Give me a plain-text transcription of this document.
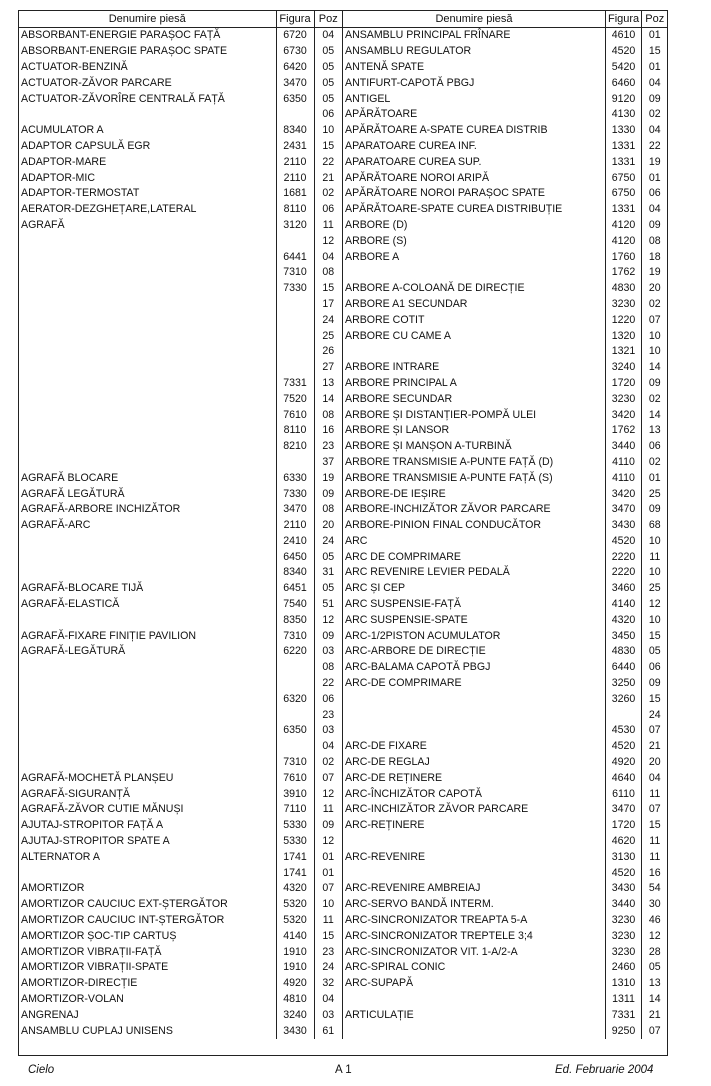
Denumire piesă	Figura	Poz
ABSORBANT-ENERGIE PARAȘOC FAȚĂ	6720	04
ABSORBANT-ENERGIE PARAȘOC SPATE	6730	05
ACTUATOR-BENZINĂ	6420	05
ACTUATOR-ZĂVOR PARCARE	3470	05
ACTUATOR-ZĂVORÎRE CENTRALĂ FAȚĂ	6350	05
		06
ACUMULATOR A	8340	10
ADAPTOR CAPSULĂ EGR	2431	15
ADAPTOR-MARE	2110	22
ADAPTOR-MIC	2110	21
ADAPTOR-TERMOSTAT	1681	02
AERATOR-DEZGHEȚARE,LATERAL	8110	06
AGRAFĂ	3120	11
		12
	6441	04
	7310	08
	7330	15
		17
		24
		25
		26
		27
	7331	13
	7520	14
	7610	08
	8110	16
	8210	23
		37
AGRAFĂ BLOCARE	6330	19
AGRAFĂ LEGĂTURĂ	7330	09
AGRAFĂ-ARBORE INCHIZĂTOR	3470	08
AGRAFĂ-ARC	2110	20
	2410	24
	6450	05
	8340	31
AGRAFĂ-BLOCARE TIJĂ	6451	05
AGRAFĂ-ELASTICĂ	7540	51
	8350	12
AGRAFĂ-FIXARE FINIȚIE PAVILION	7310	09
AGRAFĂ-LEGĂTURĂ	6220	03
		08
		22
	6320	06
		23
	6350	03
		04
	7310	02
AGRAFĂ-MOCHETĂ PLANȘEU	7610	07
AGRAFĂ-SIGURANȚĂ	3910	12
AGRAFĂ-ZĂVOR CUTIE MĂNUȘI	7110	11
AJUTAJ-STROPITOR FAȚĂ A	5330	09
AJUTAJ-STROPITOR SPATE A	5330	12
ALTERNATOR A	1741	01
	1741	01
AMORTIZOR	4320	07
AMORTIZOR CAUCIUC EXT-ȘTERGĂTOR	5320	10
AMORTIZOR CAUCIUC INT-ȘTERGĂTOR	5320	11
AMORTIZOR ȘOC-TIP CARTUȘ	4140	15
AMORTIZOR VIBRAȚII-FAȚĂ	1910	23
AMORTIZOR VIBRAȚII-SPATE	1910	24
AMORTIZOR-DIRECȚIE	4920	32
AMORTIZOR-VOLAN	4810	04
ANGRENAJ	3240	03
ANSAMBLU CUPLAJ UNISENS	3430	61
Denumire piesă	Figura	Poz
ANSAMBLU PRINCIPAL FRÎNARE	4610	01
ANSAMBLU REGULATOR	4520	15
ANTENĂ SPATE	5420	01
ANTIFURT-CAPOTĂ PBGJ	6460	04
ANTIGEL	9120	09
APĂRĂTOARE	4130	02
APĂRĂTOARE A-SPATE CUREA DISTRIB	1330	04
APARATOARE CUREA INF.	1331	22
APARATOARE CUREA SUP.	1331	19
APĂRĂTOARE NOROI ARIPĂ	6750	01
APĂRĂTOARE NOROI PARAȘOC SPATE	6750	06
APĂRĂTOARE-SPATE CUREA DISTRIBUȚIE	1331	04
ARBORE (D)	4120	09
ARBORE (S)	4120	08
ARBORE A	1760	18
	1762	19
ARBORE A-COLOANĂ DE DIRECȚIE	4830	20
ARBORE A1 SECUNDAR	3230	02
ARBORE COTIT	1220	07
ARBORE CU CAME A	1320	10
	1321	10
ARBORE INTRARE	3240	14
ARBORE PRINCIPAL A	1720	09
ARBORE SECUNDAR	3230	02
ARBORE ȘI DISTANȚIER-POMPĂ ULEI	3420	14
ARBORE ȘI LANSOR	1762	13
ARBORE ȘI MANȘON A-TURBINĂ	3440	06
ARBORE TRANSMISIE A-PUNTE FAȚĂ (D)	4110	02
ARBORE TRANSMISIE A-PUNTE FAȚĂ (S)	4110	01
ARBORE-DE IEȘIRE	3420	25
ARBORE-INCHIZĂTOR ZĂVOR PARCARE	3470	09
ARBORE-PINION FINAL CONDUCĂTOR	3430	68
ARC	4520	10
ARC DE COMPRIMARE	2220	11
ARC REVENIRE LEVIER PEDALĂ	2220	10
ARC ȘI CEP	3460	25
ARC SUSPENSIE-FAȚĂ	4140	12
ARC SUSPENSIE-SPATE	4320	10
ARC-1/2PISTON ACUMULATOR	3450	15
ARC-ARBORE DE DIRECȚIE	4830	05
ARC-BALAMA CAPOTĂ PBGJ	6440	06
ARC-DE COMPRIMARE	3250	09
	3260	15
		24
	4530	07
ARC-DE FIXARE	4520	21
ARC-DE REGLAJ	4920	20
ARC-DE REȚINERE	4640	04
ARC-ÎNCHIZĂTOR CAPOTĂ	6110	11
ARC-INCHIZĂTOR ZĂVOR PARCARE	3470	07
ARC-REȚINERE	1720	15
	4620	11
ARC-REVENIRE	3130	11
	4520	16
ARC-REVENIRE AMBREIAJ	3430	54
ARC-SERVO BANDĂ INTERM.	3440	30
ARC-SINCRONIZATOR TREAPTA 5-A	3230	46
ARC-SINCRONIZATOR TREPTELE 3;4	3230	12
ARC-SINCRONIZATOR VIT. 1-A/2-A	3230	28
ARC-SPIRAL CONIC	2460	05
ARC-SUPAPĂ	1310	13
	1311	14
ARTICULAȚIE	7331	21
	9250	07
Cielo	A 1	Ed. Februarie 2004
